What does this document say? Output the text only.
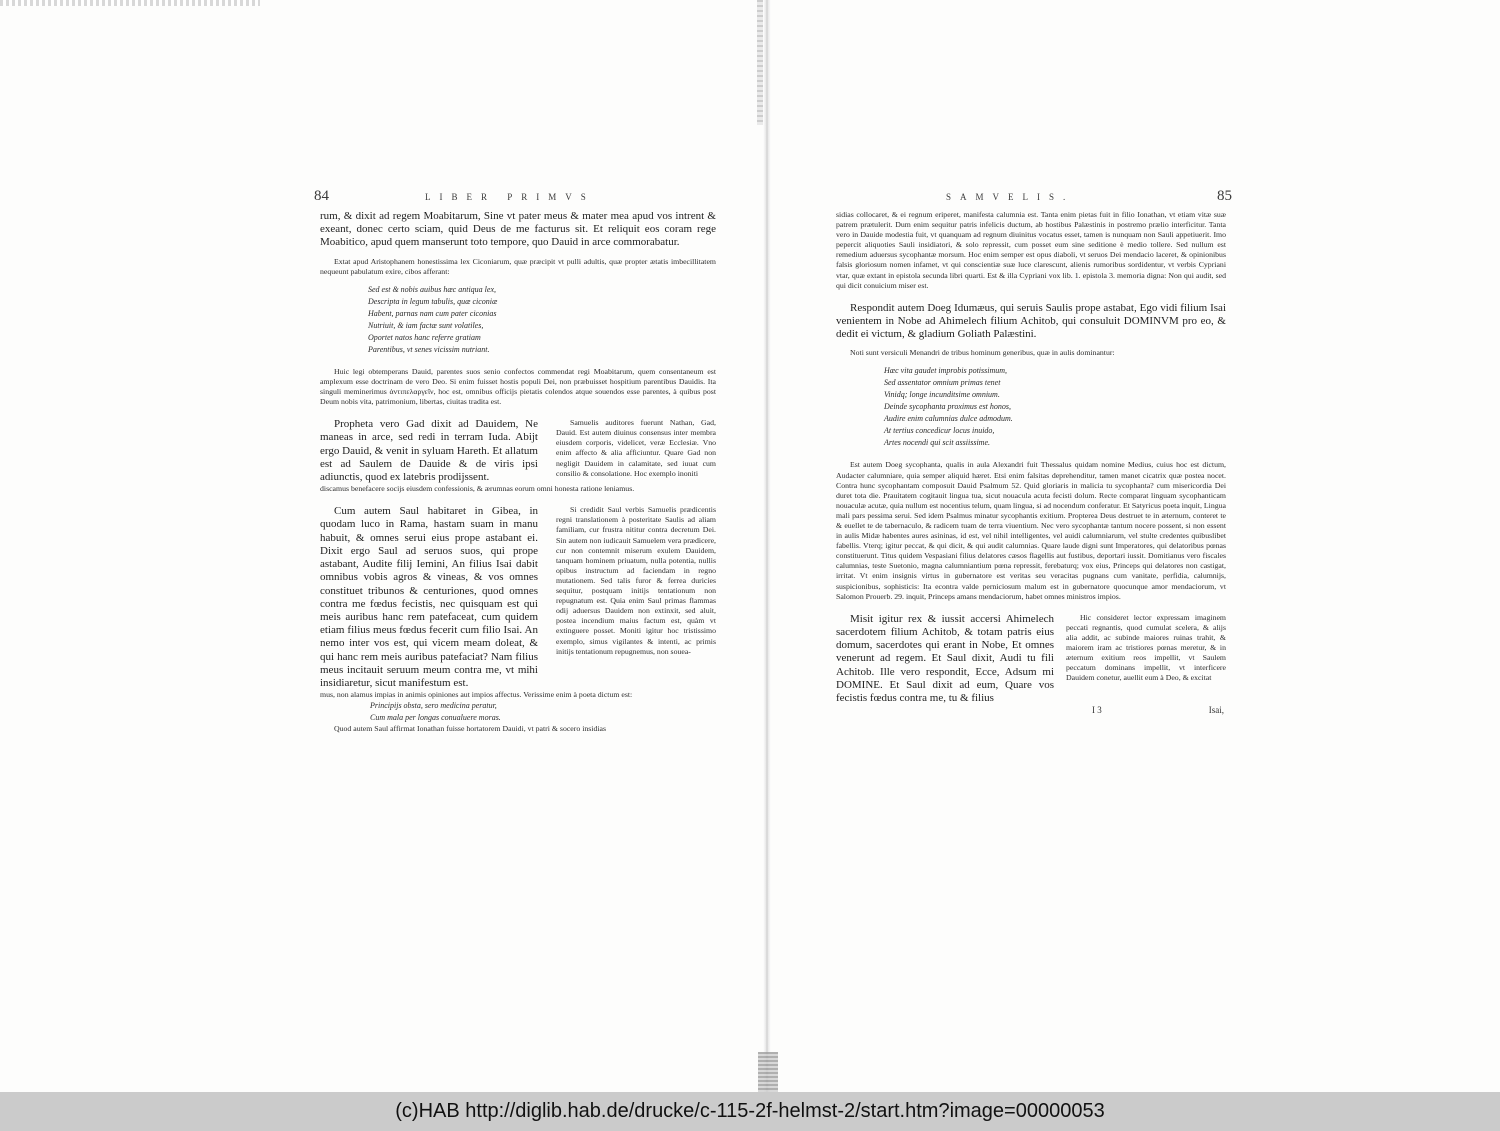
84	LIBER PRIMVS

rum, & dixit ad regem Moabitarum, Sine vt pater meus & mater mea apud vos intrent & exeant, donec certo sciam, quid Deus de me facturus sit. Et reliquit eos coram rege Moabitico, apud quem manserunt toto tempore, quo Dauid in arce commorabatur.

Extat apud Aristophanem honestissima lex Ciconiarum, quæ præcipit vt pulli adultis, quæ propter ætatis imbecillitatem nequeunt pabulatum exire, cibos afferant:

Sed est & nobis auibus hæc antiqua lex,
Descripta in legum tabulis, quæ ciconiæ
Habent, parnas nam cum pater ciconias
Nutriuit, & iam factæ sunt volatiles,
Oportet natos hanc referre gratiam
Parentibus, vt senes vicissim nutriant.

Huic legi obtemperans Dauid, parentes suos senio confectos commendat regi Moabitarum, quem consentaneum est amplexum esse doctrinam de vero Deo. Si enim fuisset hostis populi Dei, non præbuisset hospitium parentibus Dauidis. Ita singuli meminerimus ἀντιπελαργεῖν, hoc est, omnibus officijs pietatis colendos atque souendos esse parentes, à quibus post Deum nobis vita, patrimonium, libertas, ciuitas tradita est.

Propheta vero Gad dixit ad Dauidem, Ne maneas in arce, sed redi in terram Iuda. Abijt ergo Dauid, & venit in syluam Hareth. Et allatum est ad Saulem de Dauide & de viris ipsi adiunctis, quod ex latebris prodijssent.

Samuelis auditores fuerunt Nathan, Gad, Dauid. Est autem diuinus consensus inter membra eiusdem corporis, videlicet, veræ Ecclesiæ. Vno enim affecto & alia afficiuntur. Quare Gad non negligit Dauidem in calamitate, sed iuuat cum consilio & consolatione. Hoc exemplo inoniti

discamus benefacere socijs eiusdem confessionis, & ærumnas eorum omni honesta ratione leniamus.

Cum autem Saul habitaret in Gibea, in quodam luco in Rama, hastam suam in manu habuit, & omnes serui eius prope astabant ei. Dixit ergo Saul ad seruos suos, qui prope astabant, Audite filij Iemini, An filius Isai dabit omnibus vobis agros & vineas, & vos omnes constituet tribunos & centuriones, quod omnes contra me fœdus fecistis, nec quisquam est qui meis auribus hanc rem patefaceat, cum quidem etiam filius meus fœdus fecerit cum filio Isai. An nemo inter vos est, qui vicem meam doleat, & qui hanc rem meis auribus patefaciat? Nam filius meus incitauit seruum meum contra me, vt mihi insidiaretur, sicut manifestum est.

Si credidit Saul verbis Samuelis prædicentis regni translationem à posteritate Saulis ad aliam familiam, cur frustra nititur contra decretum Dei. Sin autem non iudicauit Samuelem vera prædicere, cur non contemnit miserum exulem Dauidem, tanquam hominem priuatum, nulla potentia, nullis opibus instructum ad faciendam in regno mutationem. Sed talis furor & ferrea duricies sequitur, postquam initijs tentationum non repugnatum est. Quia enim Saul primas flammas odij aduersus Dauidem non extinxit, sed aluit, postea incendium maius factum est, quàm vt extinguere posset. Moniti igitur hoc tristissimo exemplo, simus vigilantes & intenti, ac primis initijs tentationum repugnemus, non souea-

mus, non alamus impias in animis opiniones aut impios affectus. Verissime enim à poeta dictum est:

Principijs obsta, sero medicina peratur,
Cum mala per longas conualuere moras.

Quod autem Saul affirmat Ionathan fuisse hortatorem Dauidi, vt patri & socero insidias

SAMVELIS.	85

sidias collocaret, & ei regnum eriperet, manifesta calumnia est. Tanta enim pietas fuit in filio Ionathan, vt etiam vitæ suæ patrem prætulerit. Dum enim sequitur patris infelicis ductum, ab hostibus Palæstinis in postremo prælio interficitur. Tanta vero in Dauide modestia fuit, vt quanquam ad regnum diuinitus vocatus esset, tamen is nunquam non Sauli appetiuerit. Imo pepercit aliquoties Sauli insidiatori, & solo repressit, cum posset eum sine seditione è medio tollere. Sed nullum est remedium aduersus sycophantæ morsum. Hoc enim semper est opus diaboli, vt seruos Dei mendacio laceret, & opinionibus falsis gloriosum nomen infamet, vt qui conscientiæ suæ luce clarescunt, alienis rumoribus sordidentur, vt verbis Cypriani vtar, quæ extant in epistola secunda libri quarti. Est & illa Cypriani vox lib. 1. epistola 3. memoria digna: Non qui audit, sed qui dicit conuicium miser est.

Respondit autem Doeg Idumæus, qui seruis Saulis prope astabat, Ego vidi filium Isai venientem in Nobe ad Ahimelech filium Achitob, qui consuluit DOMINVM pro eo, & dedit ei victum, & gladium Goliath Palæstini.

Noti sunt versiculi Menandri de tribus hominum generibus, quæ in aulis dominantur:

Hæc vita gaudet improbis potissimum,
Sed assentator omnium primas tenet
Vinidq; longe incunditsime omnium.
Deinde sycophanta proximus est honos,
Audire enim calumnias dulce admodum.
At tertius concedicur locus inuido,
Artes nocendi qui scit assiissime.

Est autem Doeg sycophanta, qualis in aula Alexandri fuit Thessalus quidam nomine Medius, cuius hoc est dictum, Audacter calumniare, quia semper aliquid hæret. Etsi enim falsitas deprehenditur, tamen manet cicatrix quæ postea nocet. Contra hunc sycophantam composuit Dauid Psalmum 52. Quid gloriaris in malicia tu sycophanta? cum misericordia Dei duret tota die. Prauitatem cogitauit lingua tua, sicut nouacula acuta fecisti dolum. Recte comparat linguam sycophanticam nouaculæ acutæ, quia nullum est nocentius telum, quam lingua, si ad nocendum conferatur. Et Satyricus poeta inquit, Lingua mali pars pessima serui. Sed idem Psalmus minatur sycophantis exitium. Propterea Deus destruet te in æternum, conteret te & euellet te de tabernaculo, & radicem tuam de terra viuentium. Nec vero sycophantæ tantum nocere possent, si non essent in aulis Midæ habentes aures asininas, id est, vel nihil intelligentes, vel auidi calumniarum, vel stulte credentes quibuslibet fabellis. Vterq; igitur peccat, & qui dicit, & qui audit calumnias. Quare laude digni sunt Imperatores, qui delatoribus pœnas constituerunt. Titus quidem Vespasiani filius delatores cæsos flagellis aut fustibus, deportari iussit. Domitianus vero fiscales calumnias, teste Suetonio, magna calumniantium pœna repressit, ferebaturq; vox eius, Princeps qui delatores non castigat, irritat. Vt enim insignis virtus in gubernatore est veritas seu veracitas pugnans cum vanitate, perfidia, calumnijs, suspicionibus, sophisticis: Ita econtra valde perniciosum malum est in gubernatore quocunque amor mendaciorum, vt Salomon Prouerb. 29. inquit, Princeps amans mendaciorum, habet omnes ministros impios.

Misit igitur rex & iussit accersi Ahimelech sacerdotem filium Achitob, & totam patris eius domum, sacerdotes qui erant in Nobe, Et omnes venerunt ad regem. Et Saul dixit, Audi tu fili Achitob. Ille vero respondit, Ecce, Adsum mi DOMINE. Et Saul dixit ad eum, Quare vos fecistis fœdus contra me, tu & filius

Hic consideret lector expressam imaginem peccati regnantis, quod cumulat scelera, & alijs alia addit, ac subinde maiores ruinas trahit, & maiorem iram ac tristiores pœnas meretur, & in æternum exitium reos impellit, vt Saulem peccatum dominans impellit, vt interficere Dauidem conetur, auellit eum à Deo, & excitat

I 3	Isai,
(c)HAB http://diglib.hab.de/drucke/c-115-2f-helmst-2/start.htm?image=00000053
